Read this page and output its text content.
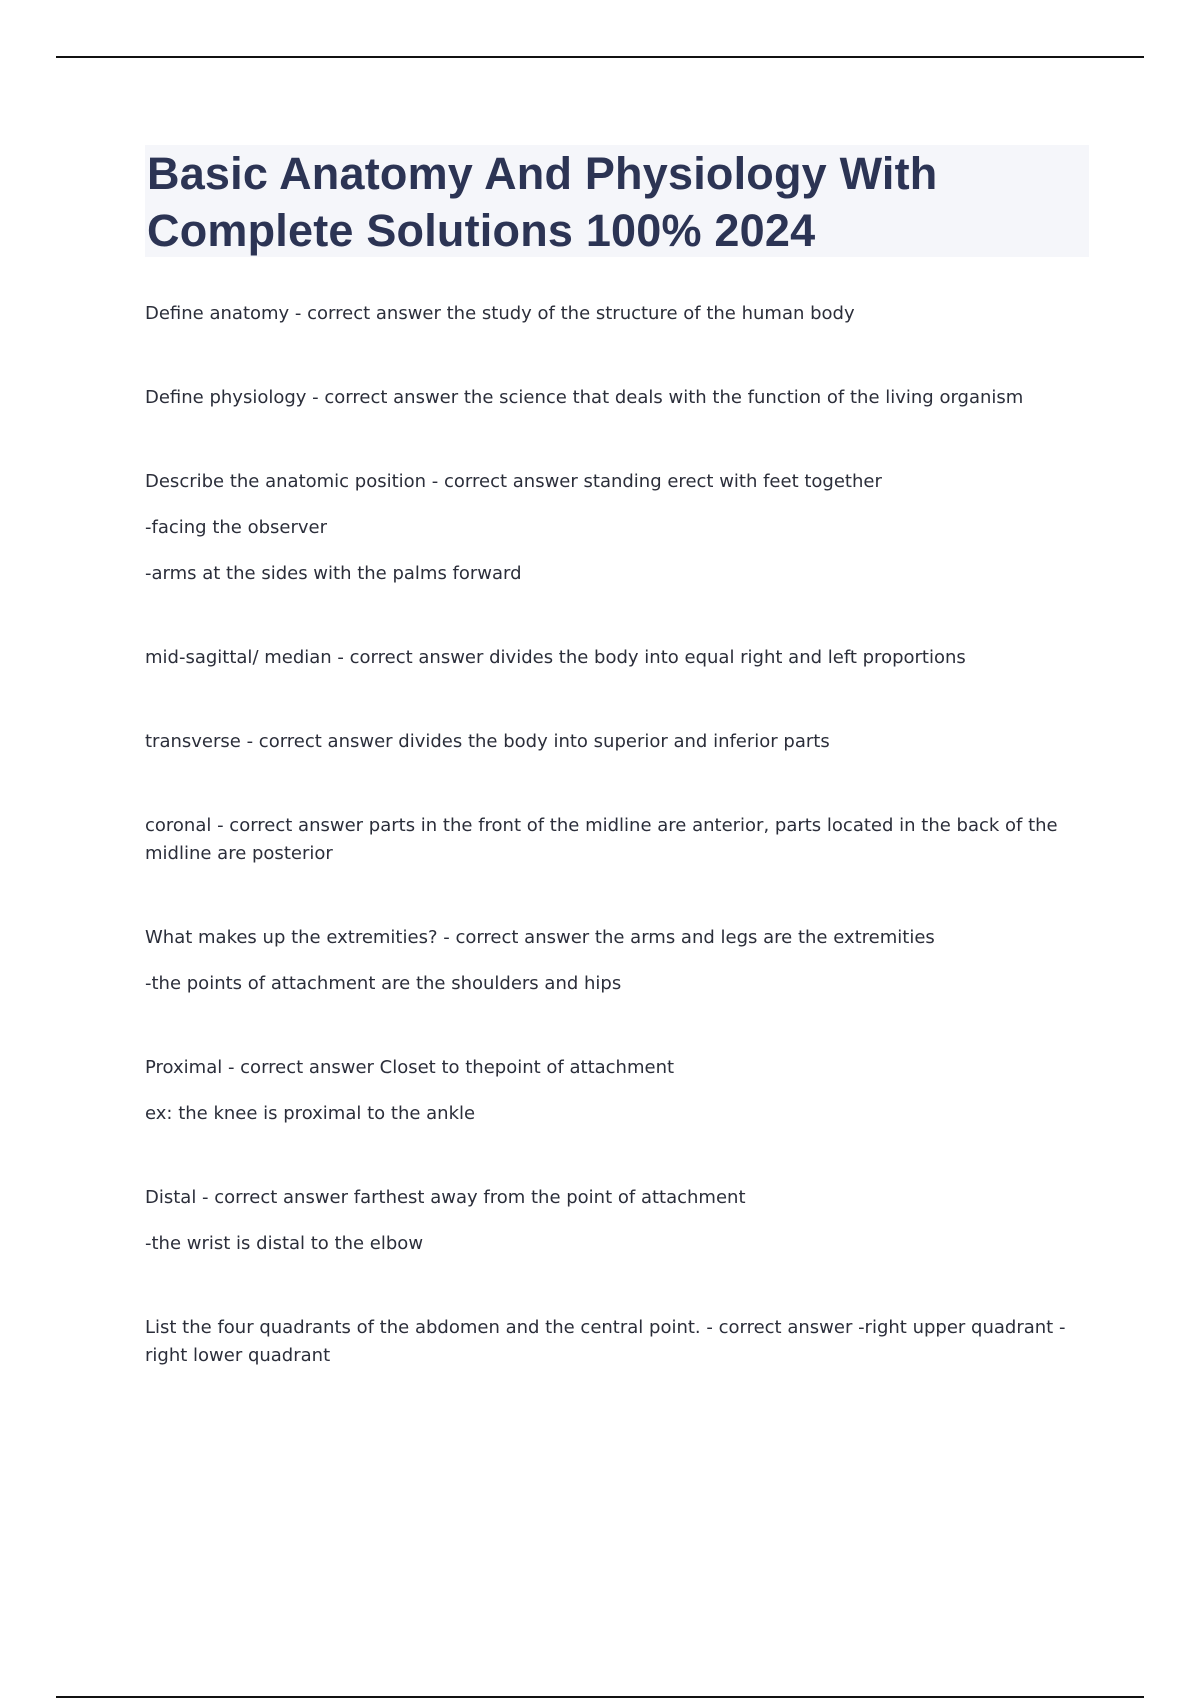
Basic Anatomy And Physiology With
Complete Solutions 100% 2024
Define anatomy - correct answer the study of the structure of the human body
Define physiology - correct answer the science that deals with the function of the living organism
Describe the anatomic position - correct answer standing erect with feet together
-facing the observer
-arms at the sides with the palms forward
mid-sagittal/ median - correct answer divides the body into equal right and left proportions
transverse - correct answer divides the body into superior and inferior parts
coronal - correct answer parts in the front of the midline are anterior, parts located in the back of the
midline are posterior
What makes up the extremities? - correct answer the arms and legs are the extremities
-the points of attachment are the shoulders and hips
Proximal - correct answer Closet to thepoint of attachment
ex: the knee is proximal to the ankle
Distal - correct answer farthest away from the point of attachment
-the wrist is distal to the elbow
List the four quadrants of the abdomen and the central point. - correct answer -right upper quadrant -
right lower quadrant
